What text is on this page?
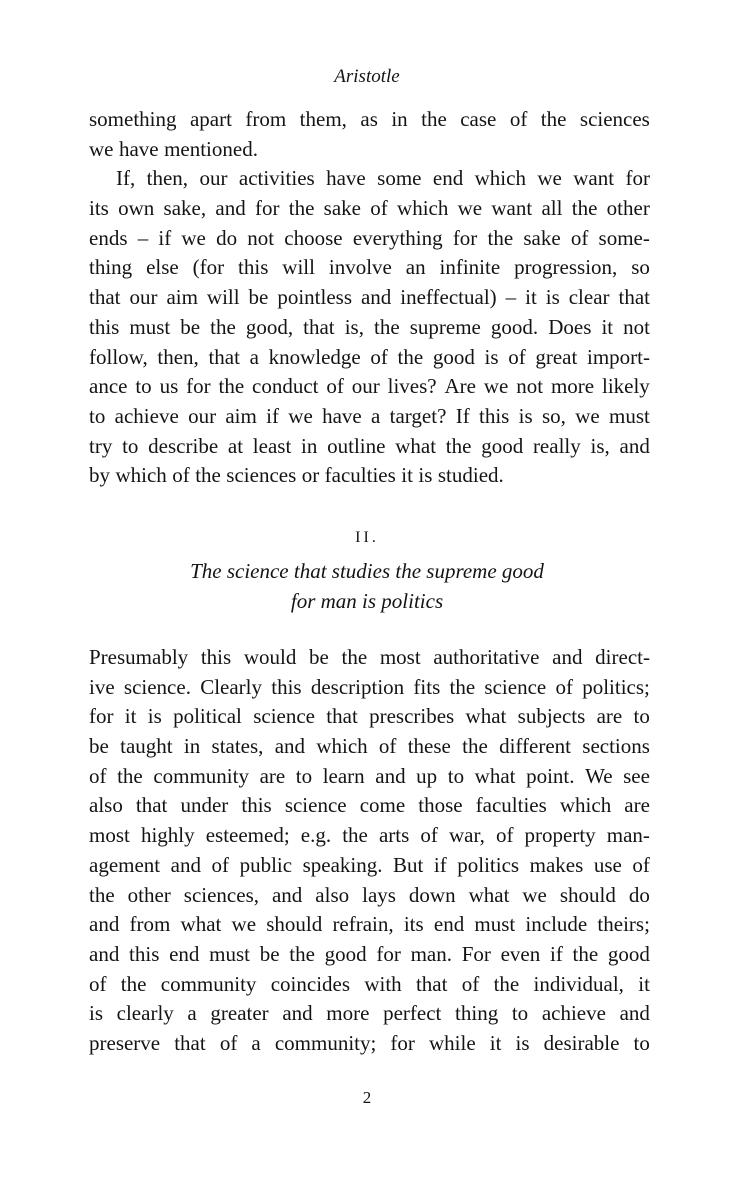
Aristotle
something apart from them, as in the case of the sciences
we have mentioned.
If, then, our activities have some end which we want for
its own sake, and for the sake of which we want all the other
ends – if we do not choose everything for the sake of some-
thing else (for this will involve an infinite progression, so
that our aim will be pointless and ineffectual) – it is clear that
this must be the good, that is, the supreme good. Does it not
follow, then, that a knowledge of the good is of great import-
ance to us for the conduct of our lives? Are we not more likely
to achieve our aim if we have a target? If this is so, we must
try to describe at least in outline what the good really is, and
by which of the sciences or faculties it is studied.
II.
The science that studies the supreme good
for man is politics
Presumably this would be the most authoritative and direct-
ive science. Clearly this description fits the science of politics;
for it is political science that prescribes what subjects are to
be taught in states, and which of these the different sections
of the community are to learn and up to what point. We see
also that under this science come those faculties which are
most highly esteemed; e.g. the arts of war, of property man-
agement and of public speaking. But if politics makes use of
the other sciences, and also lays down what we should do
and from what we should refrain, its end must include theirs;
and this end must be the good for man. For even if the good
of the community coincides with that of the individual, it
is clearly a greater and more perfect thing to achieve and
preserve that of a community; for while it is desirable to
2
